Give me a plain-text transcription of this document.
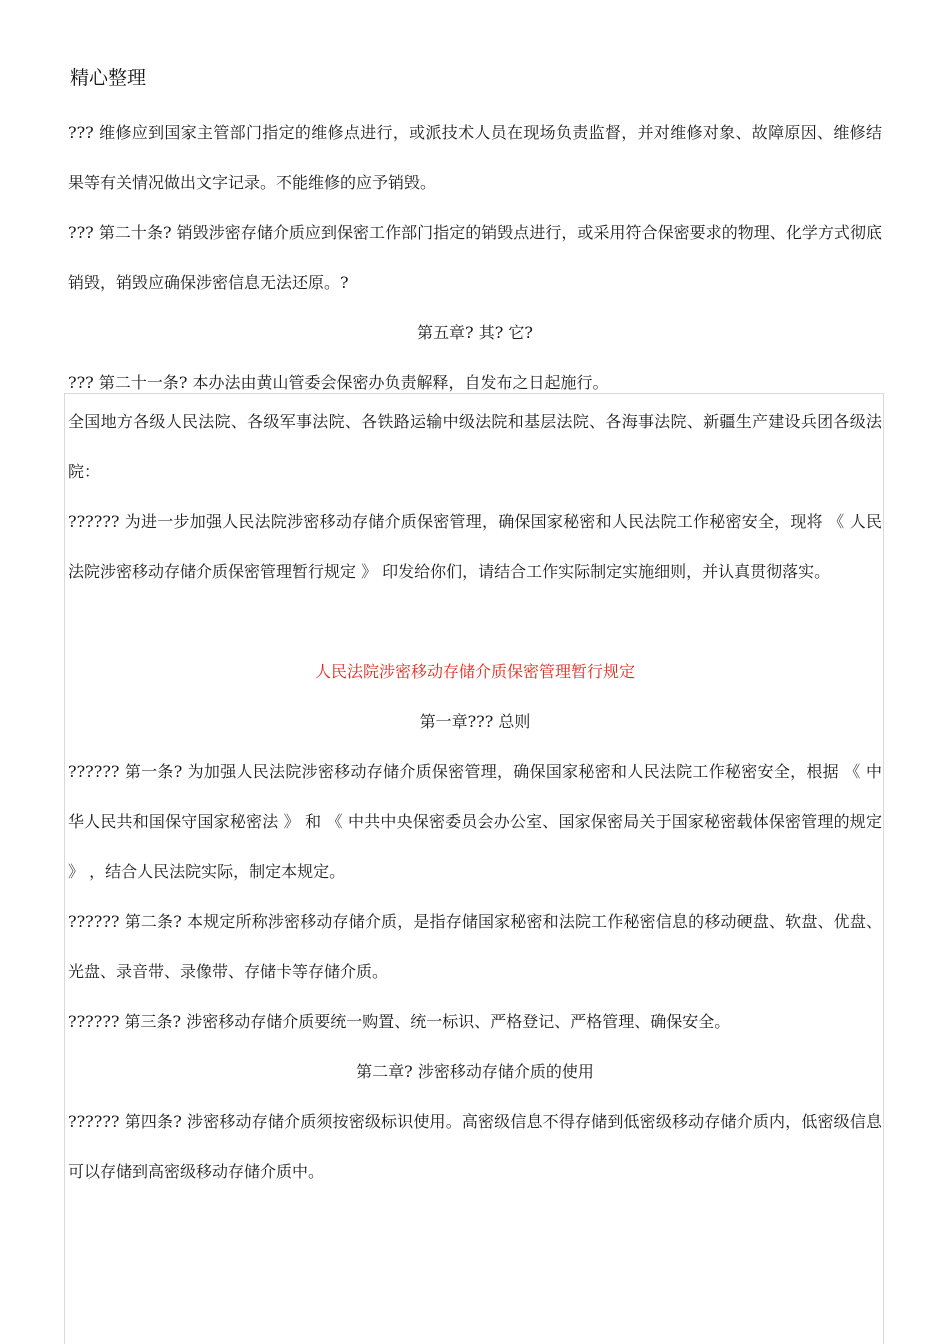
精心整理

??? 维修应到国家主管部门指定的维修点进行，或派技术人员在现场负责监督，并对维修对象、故障原因、维修结果等有关情况做出文字记录。不能维修的应予销毁。

??? 第二十条? 销毁涉密存储介质应到保密工作部门指定的销毁点进行，或采用符合保密要求的物理、化学方式彻底销毁，销毁应确保涉密信息无法还原。?

第五章? 其? 它?

??? 第二十一条? 本办法由黄山管委会保密办负责解释，自发布之日起施行。

全国地方各级人民法院、各级军事法院、各铁路运输中级法院和基层法院、各海事法院、新疆生产建设兵团各级法院：

?????? 为进一步加强人民法院涉密移动存储介质保密管理，确保国家秘密和人民法院工作秘密安全，现将 《 人民法院涉密移动存储介质保密管理暂行规定 》 印发给你们，请结合工作实际制定实施细则，并认真贯彻落实。

人民法院涉密移动存储介质保密管理暂行规定

第一章??? 总则

?????? 第一条? 为加强人民法院涉密移动存储介质保密管理，确保国家秘密和人民法院工作秘密安全，根据 《 中华人民共和国保守国家秘密法 》 和 《 中共中央保密委员会办公室、国家保密局关于国家秘密载体保密管理的规定 》 ，结合人民法院实际，制定本规定。

?????? 第二条? 本规定所称涉密移动存储介质，是指存储国家秘密和法院工作秘密信息的移动硬盘、软盘、优盘、光盘、录音带、录像带、存储卡等存储介质。

?????? 第三条? 涉密移动存储介质要统一购置、统一标识、严格登记、严格管理、确保安全。

第二章? 涉密移动存储介质的使用

?????? 第四条? 涉密移动存储介质须按密级标识使用。高密级信息不得存储到低密级移动存储介质内，低密级信息可以存储到高密级移动存储介质中。
